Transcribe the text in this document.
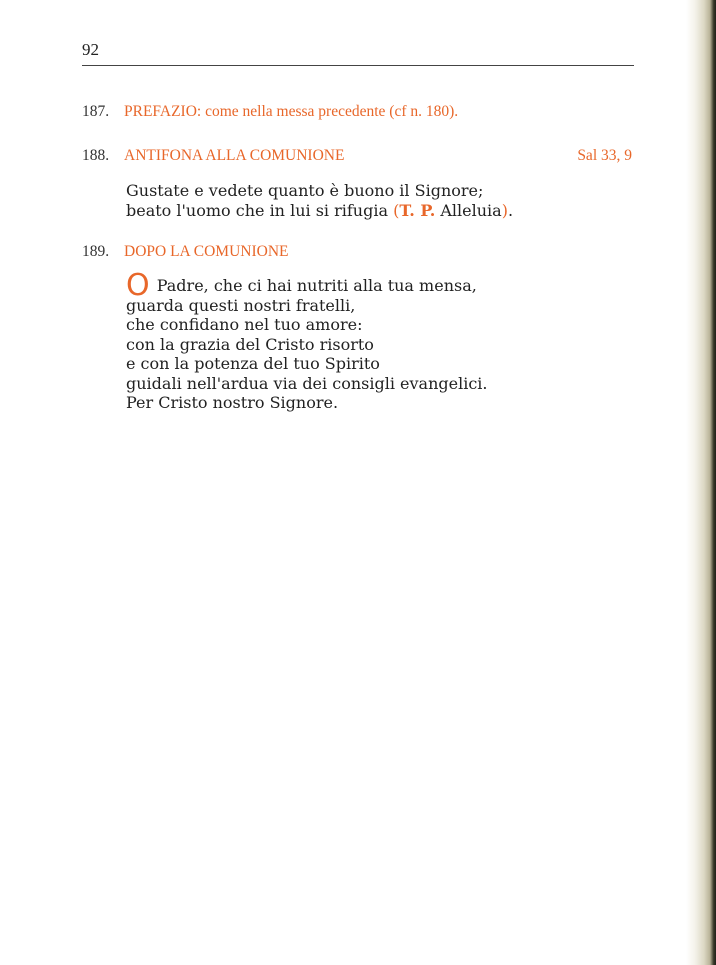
92
187. PREFAZIO: come nella messa precedente (cf n. 180).
188. ANTIFONA ALLA COMUNIONE	Sal 33, 9
Gustate e vedete quanto è buono il Signore;
beato l'uomo che in lui si rifugia (T. P. Alleluia).
189. DOPO LA COMUNIONE
O Padre, che ci hai nutriti alla tua mensa,
guarda questi nostri fratelli,
che confidano nel tuo amore:
con la grazia del Cristo risorto
e con la potenza del tuo Spirito
guidali nell'ardua via dei consigli evangelici.
Per Cristo nostro Signore.
